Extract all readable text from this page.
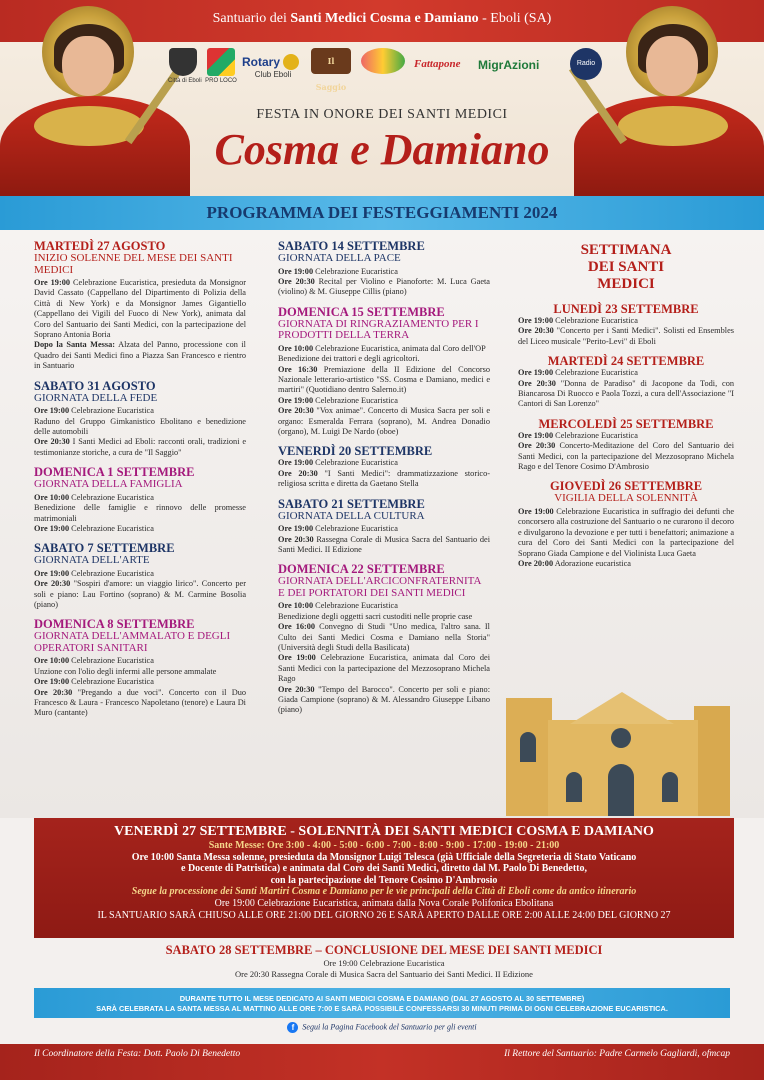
Santuario dei Santi Medici Cosma e Damiano - Eboli (SA)
Città di Eboli PRO LOCO
Rotary
Club Eboli
Il Saggio
Fattapone	MigrAzioni	Radio
FESTA IN ONORE DEI SANTI MEDICI
Cosma e Damiano
PROGRAMMA DEI FESTEGGIAMENTI 2024
MARTEDÌ 27 AGOSTO
INIZIO SOLENNE DEL MESE DEI SANTI MEDICI
Ore 19:00 Celebrazione Eucaristica, presieduta da Monsignor David Cassato (Cappellano del Dipartimento di Polizia della Città di New York) e da Monsignor James Gigantiello (Cappellano dei Vigili del Fuoco di New York), animata dal Coro del Santuario dei Santi Medici, con la partecipazione del Soprano Antonia Boria
Dopo la Santa Messa: Alzata del Panno, processione con il Quadro dei Santi Medici fino a Piazza San Francesco e rientro in Santuario
SABATO 31 AGOSTO
GIORNATA DELLA FEDE
Ore 19:00 Celebrazione Eucaristica
Raduno del Gruppo Gimkanistico Ebolitano e benedizione delle automobili
Ore 20:30 I Santi Medici ad Eboli: racconti orali, tradizioni e testimonianze storiche, a cura de "Il Saggio"
DOMENICA 1 SETTEMBRE
GIORNATA DELLA FAMIGLIA
Ore 10:00 Celebrazione Eucaristica
Benedizione delle famiglie e rinnovo delle promesse matrimoniali
Ore 19:00 Celebrazione Eucaristica
SABATO 7 SETTEMBRE
GIORNATA DELL'ARTE
Ore 19:00 Celebrazione Eucaristica
Ore 20:30 "Sospiri d'amore: un viaggio lirico". Concerto per soli e piano: Lau Fortino (soprano) & M. Carmine Bosolia (piano)
DOMENICA 8 SETTEMBRE
GIORNATA DELL'AMMALATO E DEGLI OPERATORI SANITARI
Ore 10:00 Celebrazione Eucaristica
Unzione con l'olio degli infermi alle persone ammalate
Ore 19:00 Celebrazione Eucaristica
Ore 20:30 "Pregando a due voci". Concerto con il Duo Francesco & Laura - Francesco Napoletano (tenore) e Laura Di Muro (cantante)
SABATO 14 SETTEMBRE
GIORNATA DELLA PACE
Ore 19:00 Celebrazione Eucaristica
Ore 20:30 Recital per Violino e Pianoforte: M. Luca Gaeta (violino) & M. Giuseppe Cillis (piano)
DOMENICA 15 SETTEMBRE
GIORNATA DI RINGRAZIAMENTO PER I PRODOTTI DELLA TERRA
Ore 10:00 Celebrazione Eucaristica, animata dal Coro dell'OP
Benedizione dei trattori e degli agricoltori.
Ore 16:30 Premiazione della II Edizione del Concorso Nazionale letterario-artistico "SS. Cosma e Damiano, medici e martiri" (Quotidiano dentro Salerno.it)
Ore 19:00 Celebrazione Eucaristica
Ore 20:30 "Vox animae". Concerto di Musica Sacra per soli e organo: Esmeralda Ferrara (soprano), M. Andrea Donadio (organo), M. Luigi De Nardo (oboe)
VENERDÌ 20 SETTEMBRE
Ore 19:00 Celebrazione Eucaristica
Ore 20:30 "I Santi Medici": drammatizzazione storico-religiosa scritta e diretta da Gaetano Stella
SABATO 21 SETTEMBRE
GIORNATA DELLA CULTURA
Ore 19:00 Celebrazione Eucaristica
Ore 20:30 Rassegna Corale di Musica Sacra del Santuario dei Santi Medici. II Edizione
DOMENICA 22 SETTEMBRE
GIORNATA DELL'ARCICONFRATERNITA E DEI PORTATORI DEI SANTI MEDICI
Ore 10:00 Celebrazione Eucaristica
Benedizione degli oggetti sacri custoditi nelle proprie case
Ore 16:00 Convegno di Studi "Uno medica, l'altro sana. Il Culto dei Santi Medici Cosma e Damiano nella Storia" (Università degli Studi della Basilicata)
Ore 19:00 Celebrazione Eucaristica, animata dal Coro dei Santi Medici con la partecipazione del Mezzosoprano Michela Rago
Ore 20:30 "Tempo del Barocco". Concerto per soli e piano: Giada Campione (soprano) & M. Alessandro Giuseppe Libano (piano)
SETTIMANA
DEI SANTI
MEDICI
LUNEDÌ 23 SETTEMBRE
Ore 19:00 Celebrazione Eucaristica
Ore 20:30 "Concerto per i Santi Medici". Solisti ed Ensembles del Liceo musicale "Perito-Levi" di Eboli
MARTEDÌ 24 SETTEMBRE
Ore 19:00 Celebrazione Eucaristica
Ore 20:30 "Donna de Paradiso" di Jacopone da Todi, con Biancarosa Di Ruocco e Paola Tozzi, a cura dell'Associazione "I Cantori di San Lorenzo"
MERCOLEDÌ 25 SETTEMBRE
Ore 19:00 Celebrazione Eucaristica
Ore 20:30 Concerto-Meditazione del Coro del Santuario dei Santi Medici, con la partecipazione del Mezzosoprano Michela Rago e del Tenore Cosimo D'Ambrosio
GIOVEDÌ 26 SETTEMBRE
VIGILIA DELLA SOLENNITÀ
Ore 19:00 Celebrazione Eucaristica in suffragio dei defunti che concorsero alla costruzione del Santuario o ne curarono il decoro e divulgarono la devozione e per tutti i benefattori; animazione a cura del Coro dei Santi Medici con la partecipazione del Soprano Giada Campione e del Violinista Luca Gaeta
Ore 20:00 Adorazione eucaristica
VENERDÌ 27 SETTEMBRE - SOLENNITÀ DEI SANTI MEDICI COSMA E DAMIANO
Sante Messe: Ore 3:00 - 4:00 - 5:00 - 6:00 - 7:00 - 8:00 - 9:00 - 17:00 - 19:00 - 21:00
Ore 10:00 Santa Messa solenne, presieduta da Monsignor Luigi Telesca (già Ufficiale della Segreteria di Stato Vaticano
e Docente di Patristica) e animata dal Coro dei Santi Medici, diretto dal M. Paolo Di Benedetto,
con la partecipazione del Tenore Cosimo D'Ambrosio
Segue la processione dei Santi Martiri Cosma e Damiano per le vie principali della Città di Eboli come da antico itinerario
Ore 19:00 Celebrazione Eucaristica, animata dalla Nova Corale Polifonica Ebolitana
IL SANTUARIO SARÀ CHIUSO ALLE ORE 21:00 DEL GIORNO 26 E SARÀ APERTO DALLE ORE 2:00 ALLE 24:00 DEL GIORNO 27
SABATO 28 SETTEMBRE – CONCLUSIONE DEL MESE DEI SANTI MEDICI
Ore 19:00 Celebrazione Eucaristica
Ore 20:30 Rassegna Corale di Musica Sacra del Santuario dei Santi Medici. II Edizione
DURANTE TUTTO IL MESE DEDICATO AI SANTI MEDICI COSMA E DAMIANO (DAL 27 AGOSTO AL 30 SETTEMBRE)
SARÀ CELEBRATA LA SANTA MESSA AL MATTINO ALLE ORE 7:00 E SARÀ POSSIBILE CONFESSARSI 30 MINUTI PRIMA DI OGNI CELEBRAZIONE EUCARISTICA.
f Segui la Pagina Facebook del Santuario per gli eventi
Il Coordinatore della Festa: Dott. Paolo Di Benedetto	Il Rettore del Santuario: Padre Carmelo Gagliardi, ofmcap
